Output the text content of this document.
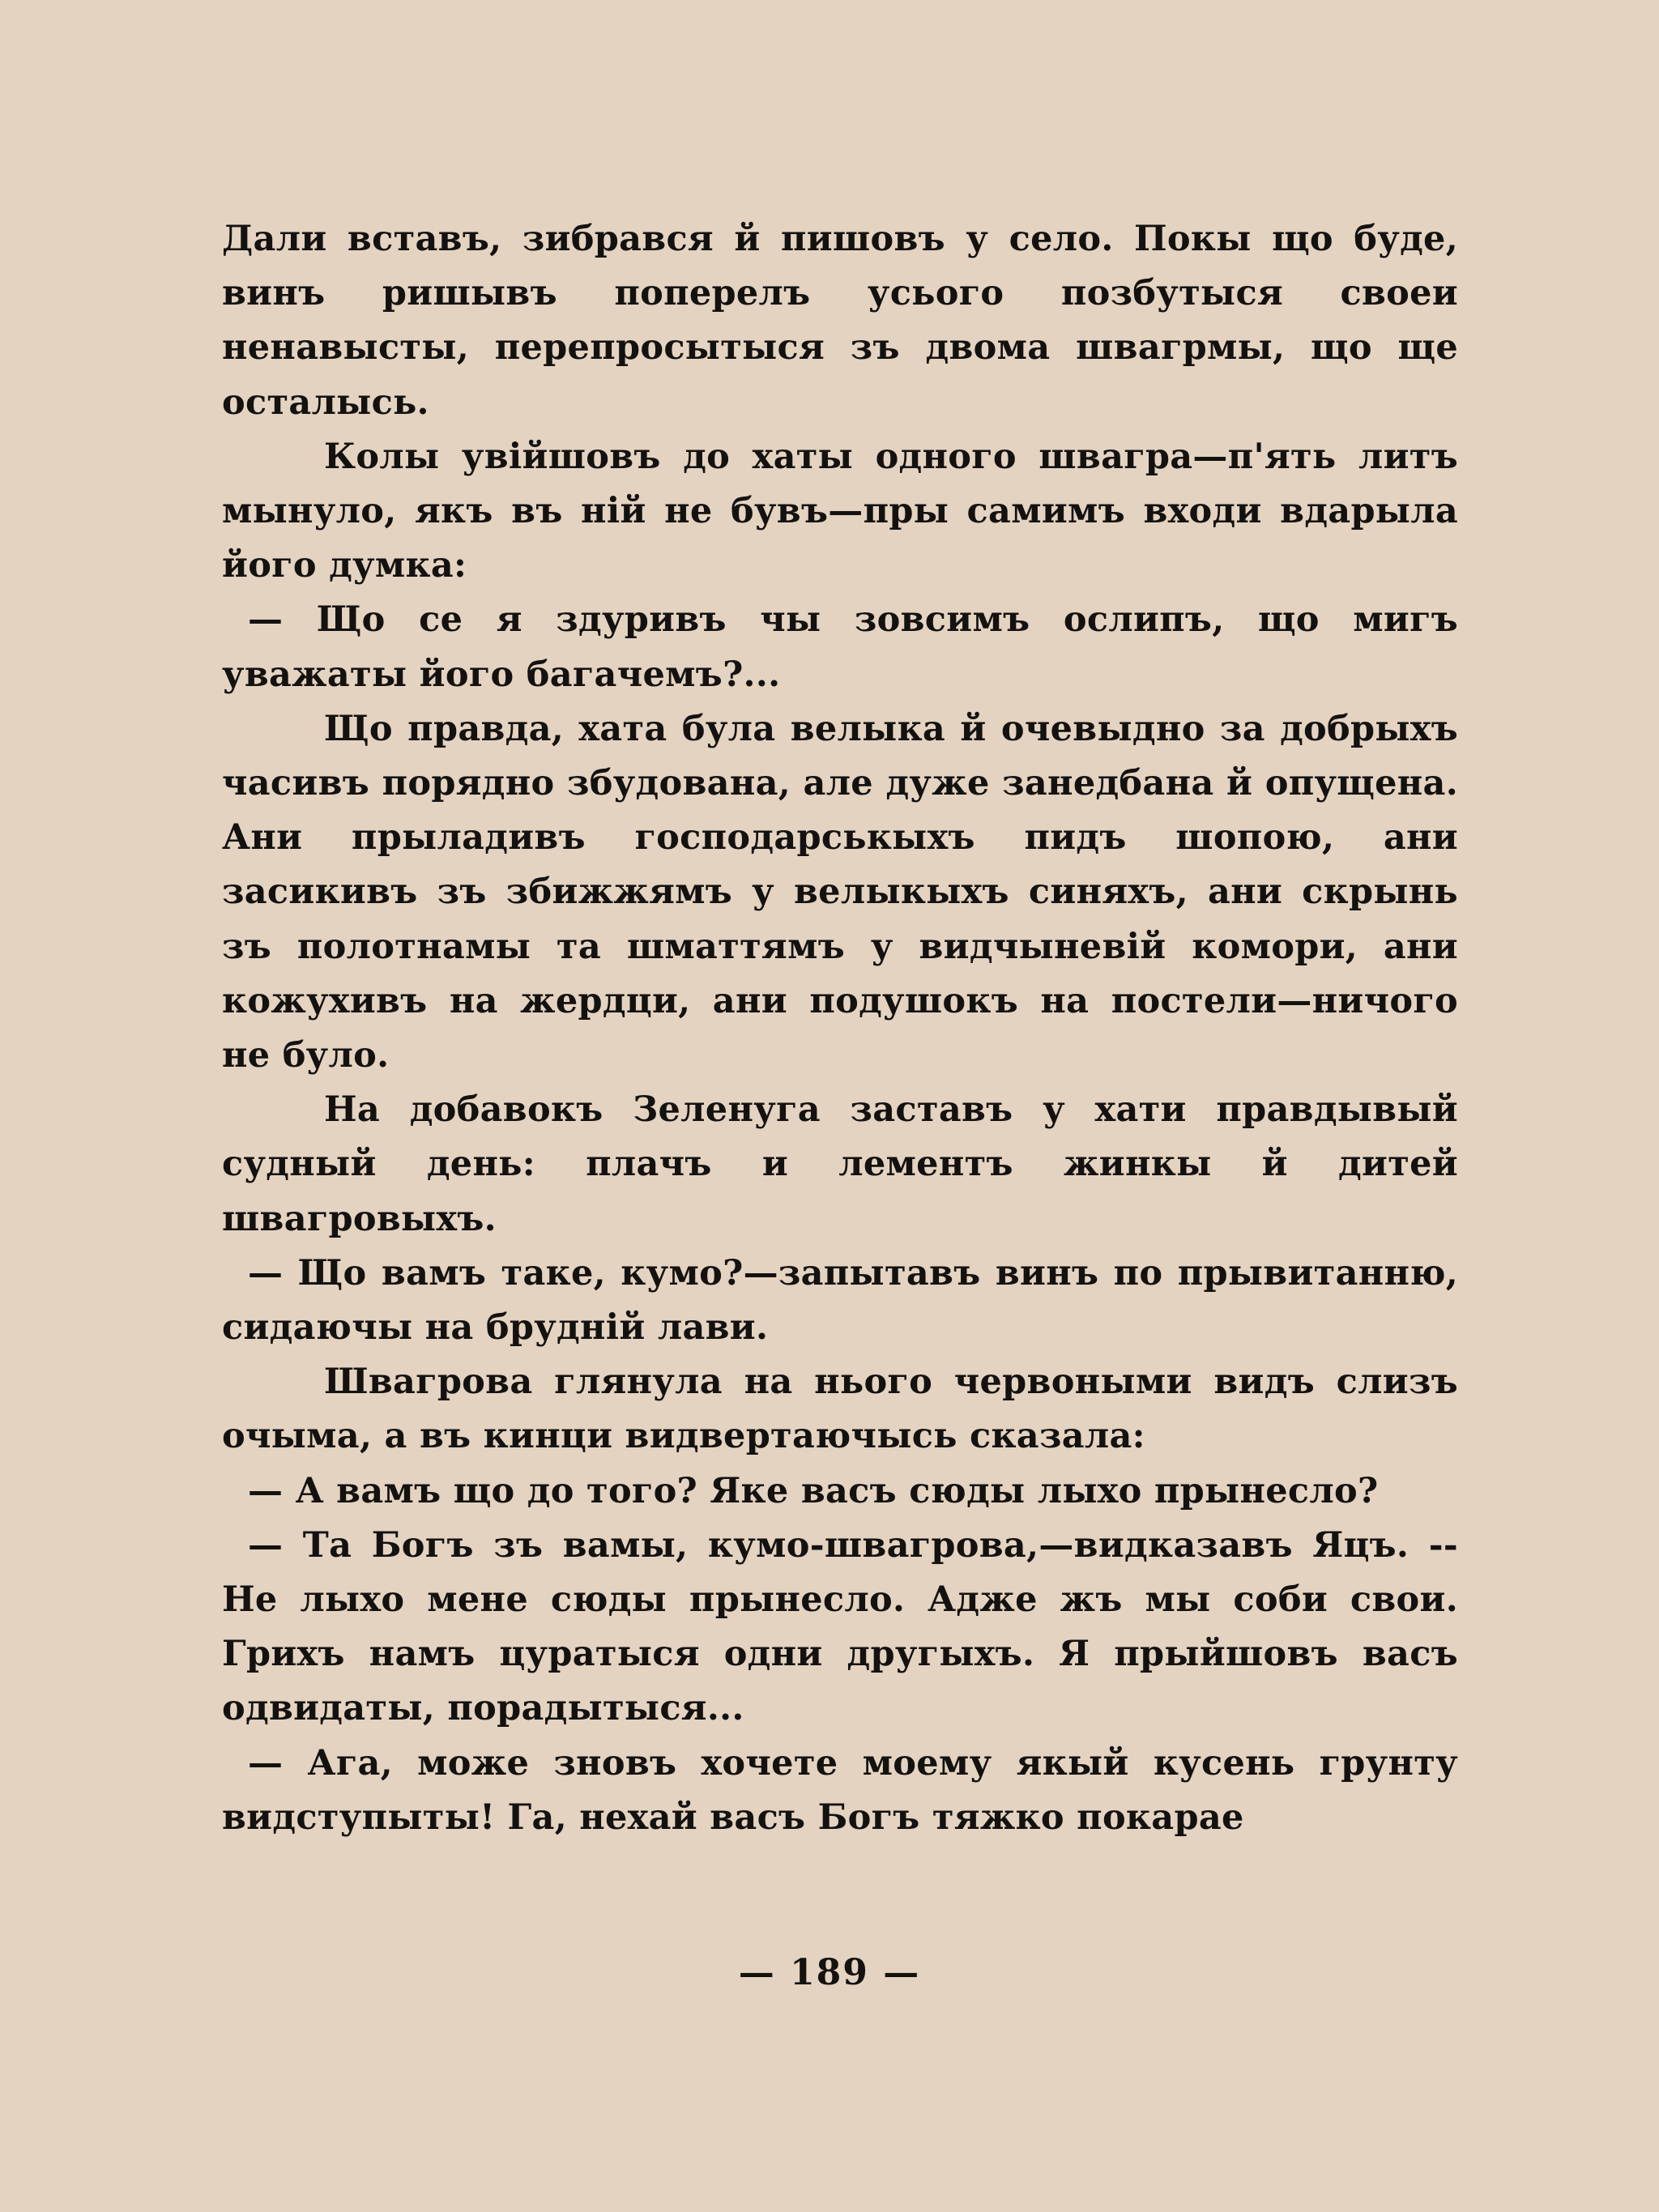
Дали вставъ, зибрався й пишовъ у село. Покы що буде, винъ ришывъ поперелъ усього позбутыся своеи ненавысты, перепросытыся зъ двома швагрмы, що ще осталысь.

Колы увійшовъ до хаты одного швагра—п'ять литъ мынуло, якъ въ ній не бувъ—пры самимъ входи вдарыла його думка:

— Що се я здуривъ чы зовсимъ ослипъ, що мигъ уважаты його багачемъ?...

Що правда, хата була велыка й очевыдно за добрыхъ часивъ порядно збудована, але дуже занедбана й опущена. Ани прыладивъ господарськыхъ пидъ шопою, ани засикивъ зъ збижжямъ у велыкыхъ синяхъ, ани скрынь зъ полотнамы та шматтямъ у видчыневій комори, ани кожухивъ на жердци, ани подушокъ на постели—ничого не було.

На добавокъ Зеленуга заставъ у хати правдывый судный день: плачъ и лементъ жинкы й дитей швагровыхъ.

— Що вамъ таке, кумо?—запытавъ винъ по прывитанню, сидаючы на брудній лави.

Швагрова глянула на нього червоными видъ слизъ очыма, а въ кинци видвертаючысь сказала:

— А вамъ що до того? Яке васъ сюды лыхо прынесло?

— Та Богъ зъ вамы, кумо-швагрова,—видказавъ Яцъ. --Не лыхо мене сюды прынесло. Адже жъ мы соби свои. Грихъ намъ цуратыся одни другыхъ. Я прыйшовъ васъ одвидаты, порадытыся...

— Ага, може зновъ хочете моему якый кусень грунту видступыты! Га, нехай васъ Богъ тяжко покарае

— 189 —
